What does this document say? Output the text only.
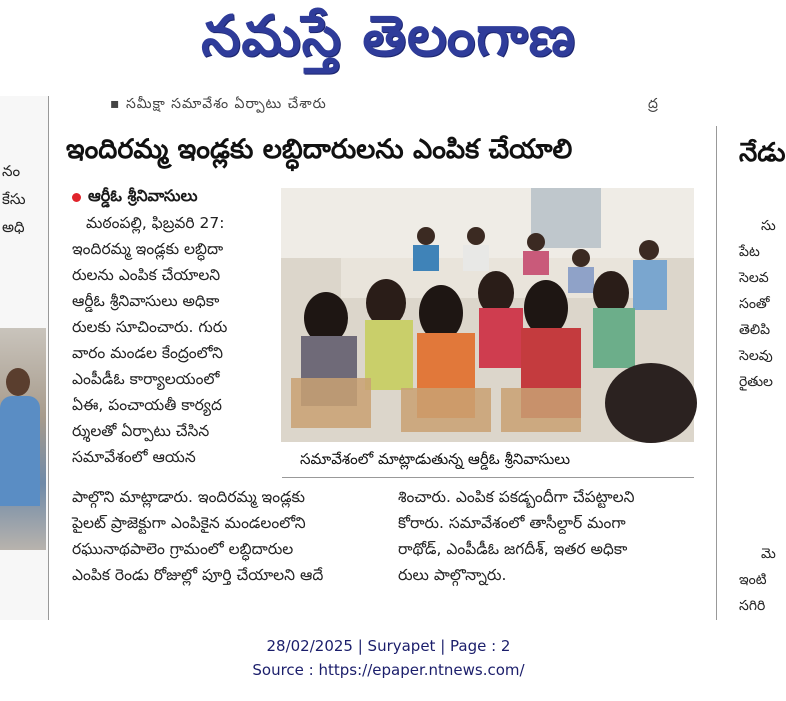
నమస్తే తెలంగాణ
నం
కేసు
అధి
▪ సమీక్షా సమావేశం ఏర్పాటు చేశారు	ద్ర
ఇందిరమ్మ ఇండ్లకు లబ్ధిదారులను ఎంపిక చేయాలి
ఆర్డీఓ శ్రీనివాసులు
మఠంపల్లి, ఫిబ్రవరి 27:
ఇందిరమ్మ ఇండ్లకు లబ్ధిదా
రులను ఎంపిక చేయాలని
ఆర్డీఓ శ్రీనివాసులు అధికా
రులకు సూచించారు. గురు
వారం మండల కేంద్రంలోని
ఎంపీడీఓ కార్యాలయంలో
ఏఈ, పంచాయతీ కార్యద
ర్శులతో ఏర్పాటు చేసిన
సమావేశంలో ఆయన	సమావేశంలో మాట్లాడుతున్న ఆర్డీఓ శ్రీనివాసులు
పాల్గొని మాట్లాడారు. ఇందిరమ్మ ఇండ్లకు
పైలట్ ప్రాజెక్టుగా ఎంపికైన మండలంలోని
రఘునాథపాలెం గ్రామంలో లబ్ధిదారుల
ఎంపిక రెండు రోజుల్లో పూర్తి చేయాలని ఆదే
శించారు. ఎంపిక పకడ్బందీగా చేపట్టాలని
కోరారు. సమావేశంలో తాసీల్దార్ మంగా
రాథోడ్, ఎంపీడీఓ జగదీశ్, ఇతర అధికా
రులు పాల్గొన్నారు.
నేడు
సు
పేట
సెలవ
సంతో
తెలిపి
సెలవు
రైతుల
మె
ఇంటి
సగిరి
28/02/2025 | Suryapet | Page : 2
Source : https://epaper.ntnews.com/
